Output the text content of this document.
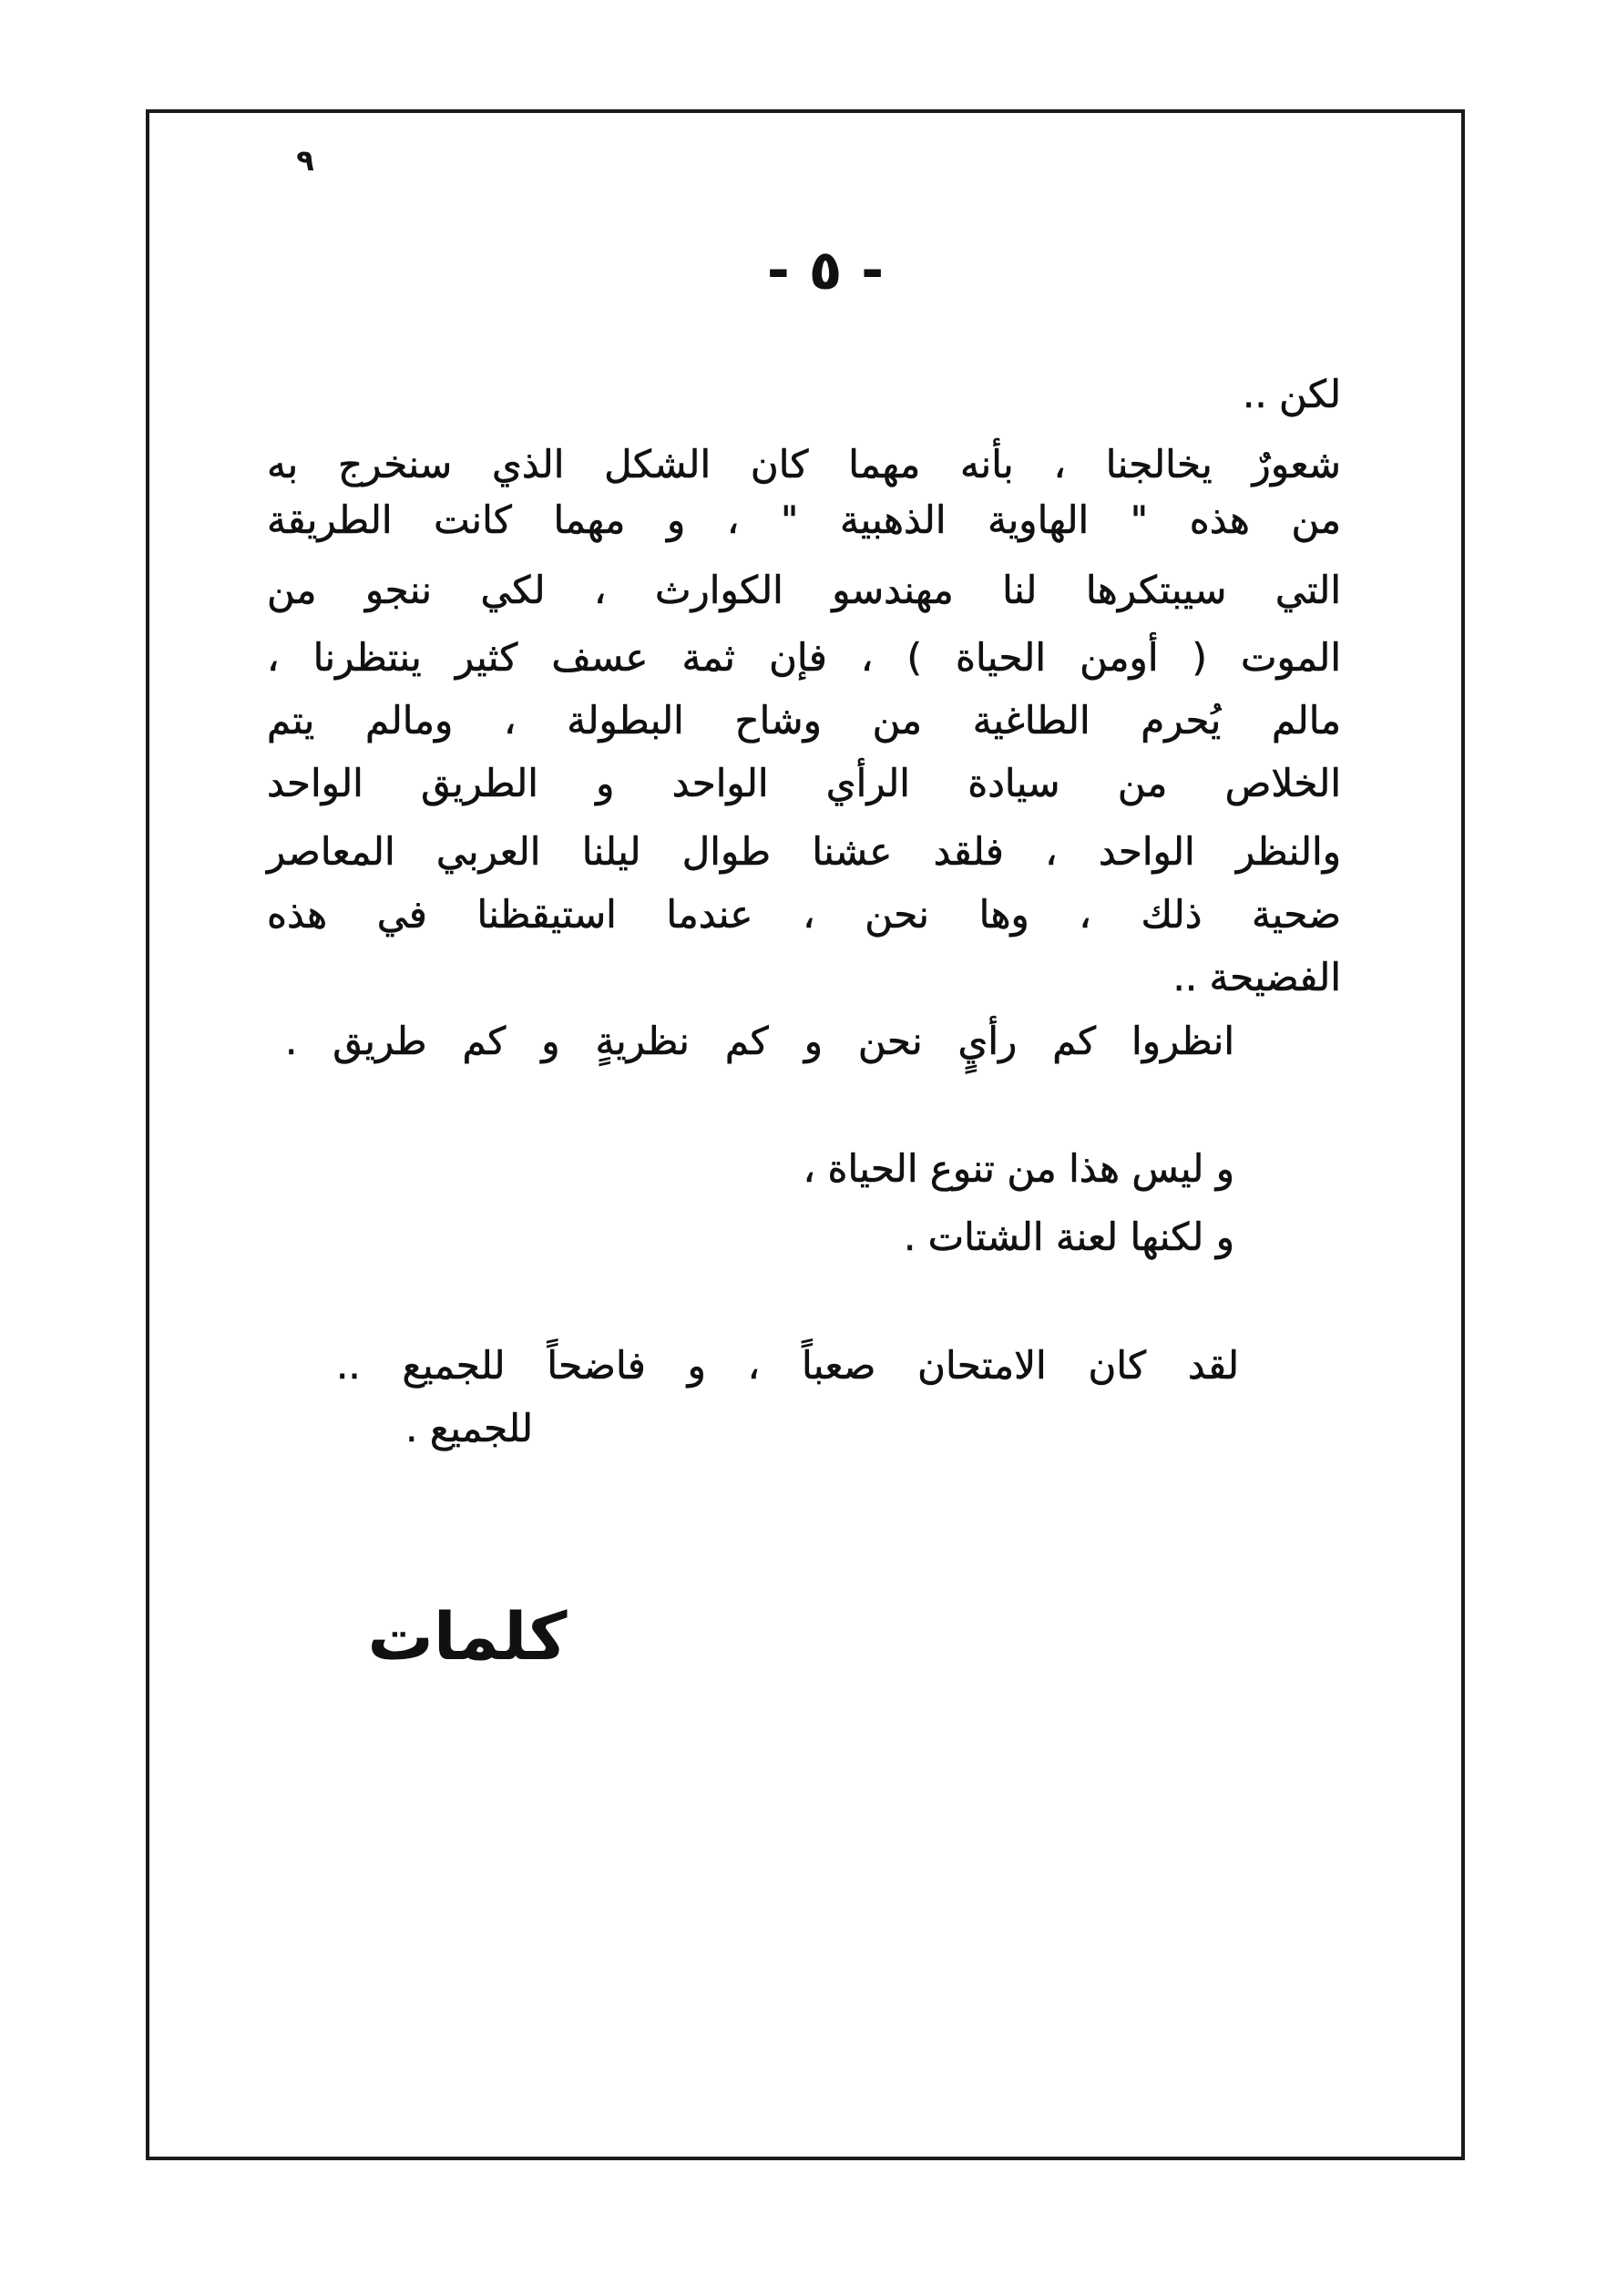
٩
- ٥ -
لكن ..
شعورٌ يخالجنا ، بأنه مهما كان الشكل الذي سنخرج به
من هذه " الهاوية الذهبية " ، و مهما كانت الطريقة
التي سيبتكرها لنا مهندسو الكوارث ، لكي ننجو من
الموت ( أومن الحياة ) ، فإن ثمة عسف كثير ينتظرنا ،
مالم يُحرم الطاغية من وشاح البطولة ، ومالم يتم
الخلاص من سيادة الرأي الواحد و الطريق الواحد
والنظر الواحد ، فلقد عشنا طوال ليلنا العربي المعاصر
ضحية ذلك ، وها نحن ، عندما استيقظنا في هذه
الفضيحة ..
انظروا كم رأيٍ نحن و كم نظريةٍ و كم طريق .
و ليس هذا من تنوع الحياة ،
و لكنها لعنة الشتات .
لقد كان الامتحان صعباً ، و فاضحاً للجميع ..
للجميع .
كلمات
